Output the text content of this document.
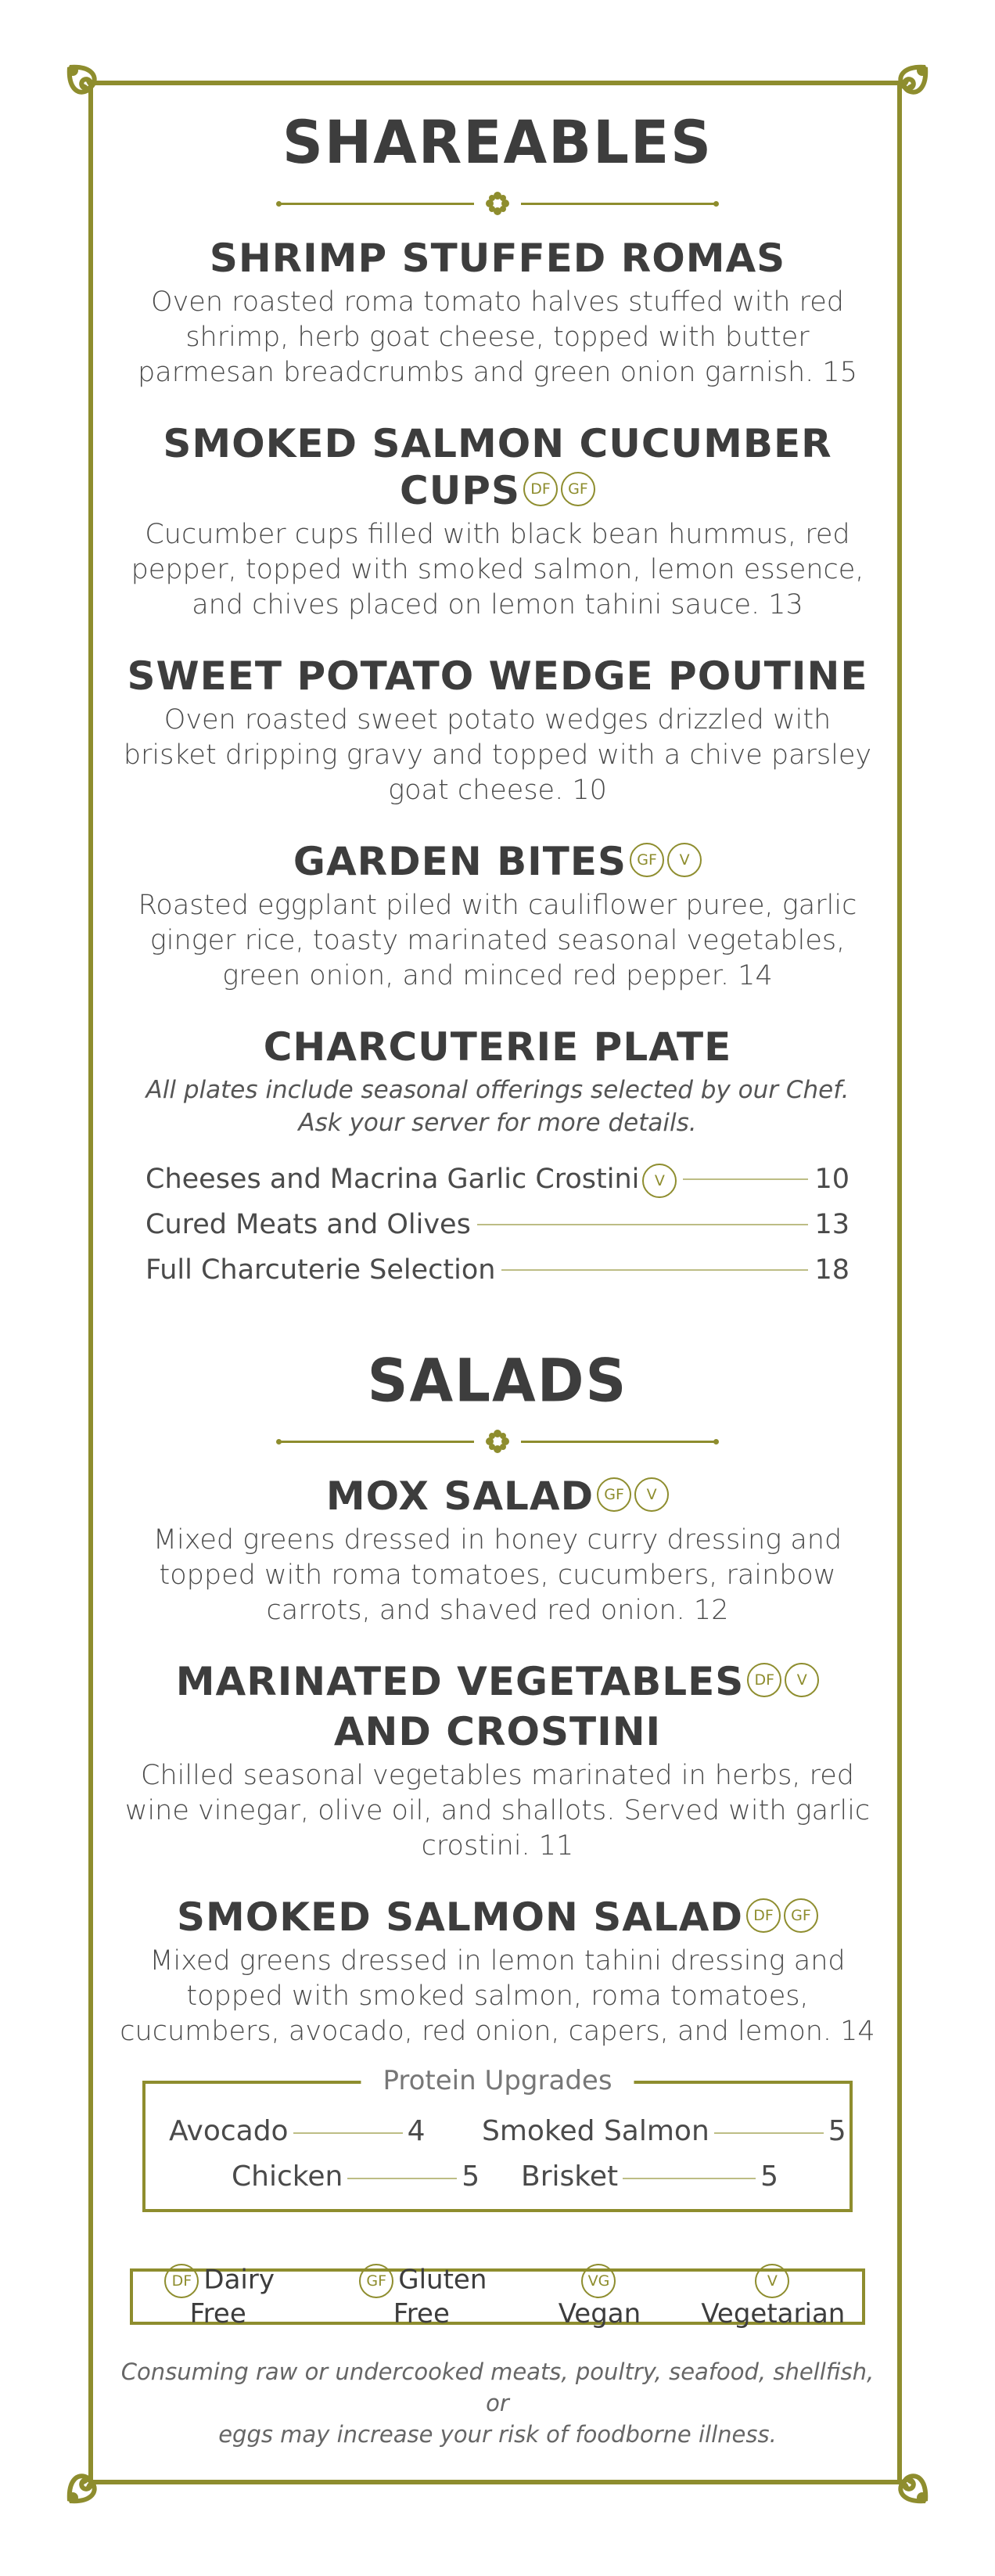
SHAREABLES
SHRIMP STUFFED ROMAS
Oven roasted roma tomato halves stuffed with red shrimp, herb goat cheese, topped with butter parmesan breadcrumbs and green onion garnish. 15
SMOKED SALMON CUCUMBER CUPS DF GF
Cucumber cups filled with black bean hummus, red pepper, topped with smoked salmon, lemon essence, and chives placed on lemon tahini sauce. 13
SWEET POTATO WEDGE POUTINE
Oven roasted sweet potato wedges drizzled with brisket dripping gravy and topped with a chive parsley goat cheese. 10
GARDEN BITES GF V
Roasted eggplant piled with cauliflower puree, garlic ginger rice, toasty marinated seasonal vegetables, green onion, and minced red pepper. 14
CHARCUTERIE PLATE
All plates include seasonal offerings selected by our Chef.
Ask your server for more details.
Cheeses and Macrina Garlic Crostini	V	10
Cured Meats and Olives	13
Full Charcuterie Selection	18
SALADS
MOX SALAD GF V
Mixed greens dressed in honey curry dressing and topped with roma tomatoes, cucumbers, rainbow carrots, and shaved red onion. 12
MARINATED VEGETABLES DF V
AND CROSTINI
Chilled seasonal vegetables marinated in herbs, red wine vinegar, olive oil, and shallots. Served with garlic crostini. 11
SMOKED SALMON SALAD DF GF
Mixed greens dressed in lemon tahini dressing and topped with smoked salmon, roma tomatoes, cucumbers, avocado, red onion, capers, and lemon. 14
Protein Upgrades
Avocado	4 Smoked Salmon	5
Chicken	5 Brisket	5
DF Dairy Free
GF Gluten Free
VGVegan
VVegetarian
Consuming raw or undercooked meats, poultry, seafood, shellfish, or
eggs may increase your risk of foodborne illness.
